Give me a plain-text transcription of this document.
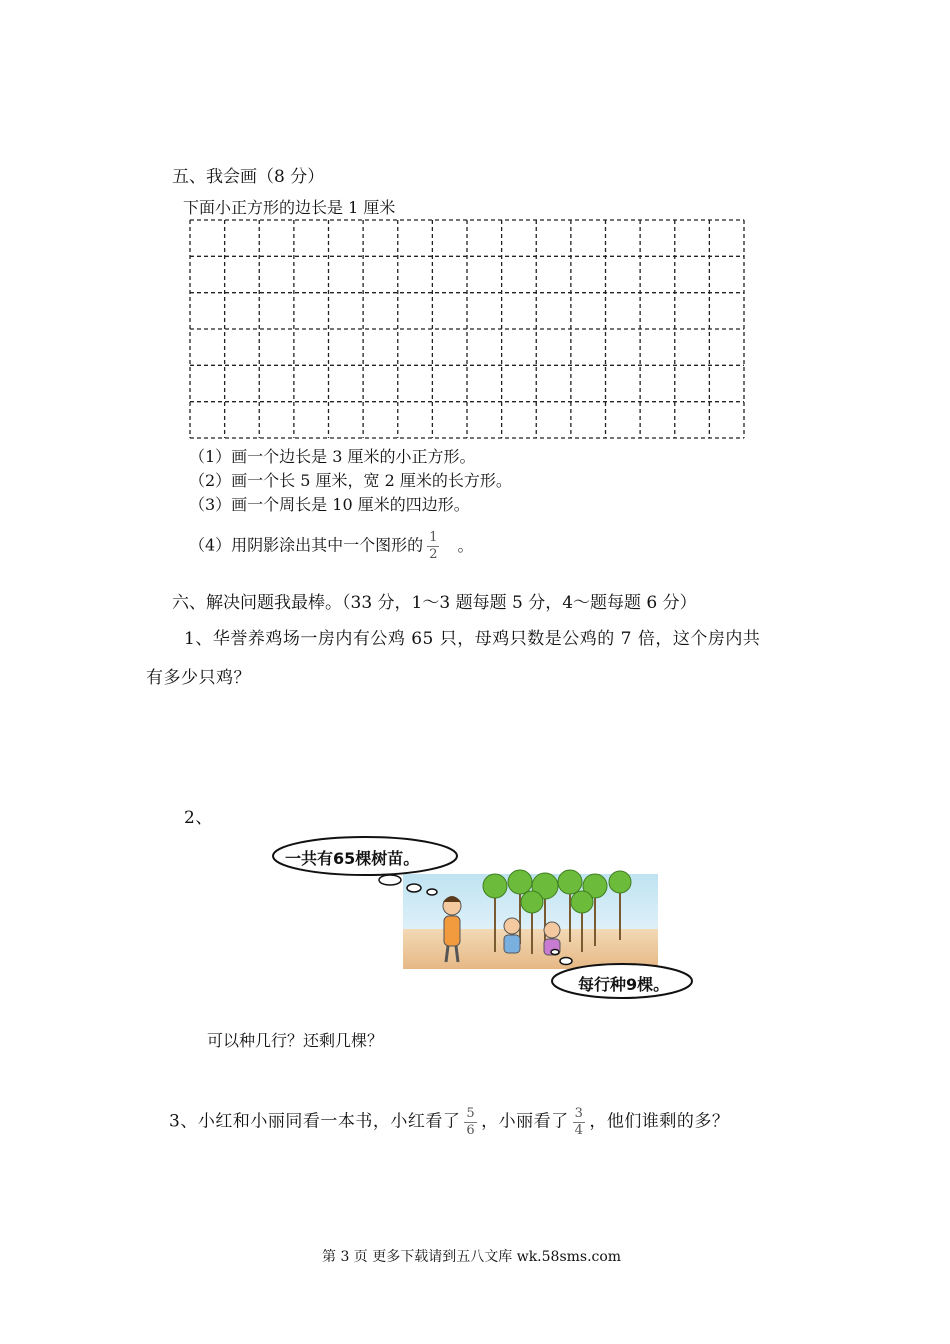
五、我会画（8 分）
下面小正方形的边长是 1 厘米
（1）画一个边长是 3 厘米的小正方形。
（2）画一个长 5 厘米，宽 2 厘米的长方形。
（3）画一个周长是 10 厘米的四边形。
（4）用阴影涂出其中一个图形的 $\frac{1}{2}$ 。
六、解决问题我最棒。（33 分，1～3 题每题 5 分，4～题每题 6 分）
1、华誉养鸡场一房内有公鸡 65 只，母鸡只数是公鸡的 7 倍，这个房内共
有多少只鸡？
2、
一共有65棵树苗。
每行种9棵。
可以种几行？还剩几棵？
3、小红和小丽同看一本书，小红看了 $\frac{5}{6}$ ，小丽看了 $\frac{3}{4}$ ，他们谁剩的多？
第 3 页 更多下载请到五八文库 wk.58sms.com
